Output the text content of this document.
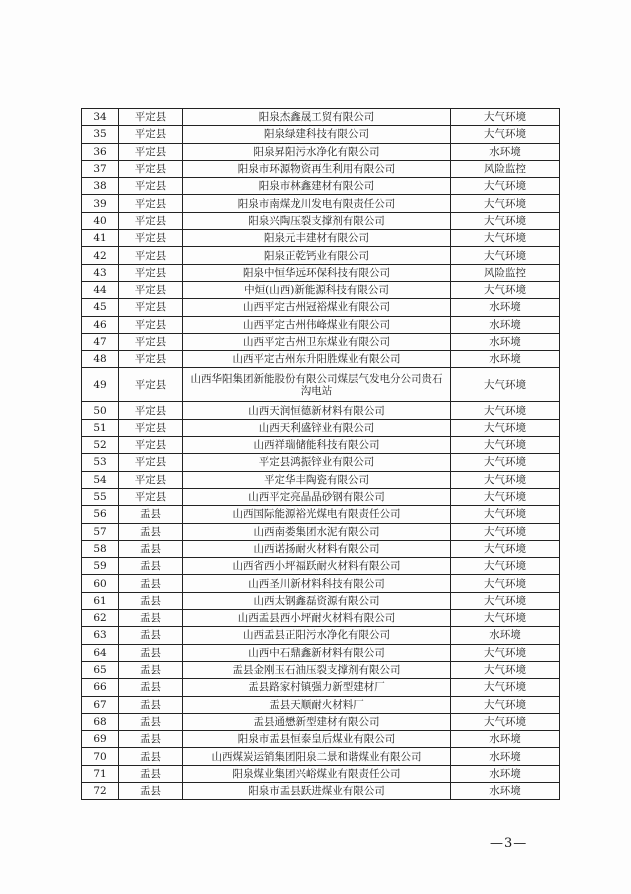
34	平定县	阳泉杰鑫晟工贸有限公司	大气环境
35	平定县	阳泉绿建科技有限公司	大气环境
36	平定县	阳泉昇阳污水净化有限公司	水环境
37	平定县	阳泉市环源物资再生利用有限公司	风险监控
38	平定县	阳泉市林鑫建材有限公司	大气环境
39	平定县	阳泉市南煤龙川发电有限责任公司	大气环境
40	平定县	阳泉兴陶压裂支撑剂有限公司	大气环境
41	平定县	阳泉元丰建材有限公司	大气环境
42	平定县	阳泉正乾钙业有限公司	大气环境
43	平定县	阳泉中恒华远环保科技有限公司	风险监控
44	平定县	中烜(山西)新能源科技有限公司	大气环境
45	平定县	山西平定古州冠裕煤业有限公司	水环境
46	平定县	山西平定古州伟峰煤业有限公司	水环境
47	平定县	山西平定古州卫东煤业有限公司	水环境
48	平定县	山西平定古州东升阳胜煤业有限公司	水环境
49	平定县	山西华阳集团新能股份有限公司煤层气发电分公司贵石沟电站	大气环境
50	平定县	山西天润恒德新材料有限公司	大气环境
51	平定县	山西天利盛锌业有限公司	大气环境
52	平定县	山西祥瑞储能科技有限公司	大气环境
53	平定县	平定县鸿振锌业有限公司	大气环境
54	平定县	平定华丰陶瓷有限公司	大气环境
55	平定县	山西平定亮晶晶砂钢有限公司	大气环境
56	盂县	山西国际能源裕光煤电有限责任公司	大气环境
57	盂县	山西南娄集团水泥有限公司	大气环境
58	盂县	山西诺扬耐火材料有限公司	大气环境
59	盂县	山西省西小坪福跃耐火材料有限公司	大气环境
60	盂县	山西圣川新材料科技有限公司	大气环境
61	盂县	山西太钢鑫磊资源有限公司	大气环境
62	盂县	山西盂县西小坪耐火材料有限公司	大气环境
63	盂县	山西盂县正阳污水净化有限公司	水环境
64	盂县	山西中石鼎鑫新材料有限公司	大气环境
65	盂县	盂县金刚玉石油压裂支撑剂有限公司	大气环境
66	盂县	盂县路家村镇强力新型建材厂	大气环境
67	盂县	盂县天顺耐火材料厂	大气环境
68	盂县	盂县通懋新型建材有限公司	大气环境
69	盂县	阳泉市盂县恒泰皇后煤业有限公司	水环境
70	盂县	山西煤炭运销集团阳泉二景和谐煤业有限公司	水环境
71	盂县	阳泉煤业集团兴峪煤业有限责任公司	水环境
72	盂县	阳泉市盂县跃进煤业有限公司	水环境
—3—
